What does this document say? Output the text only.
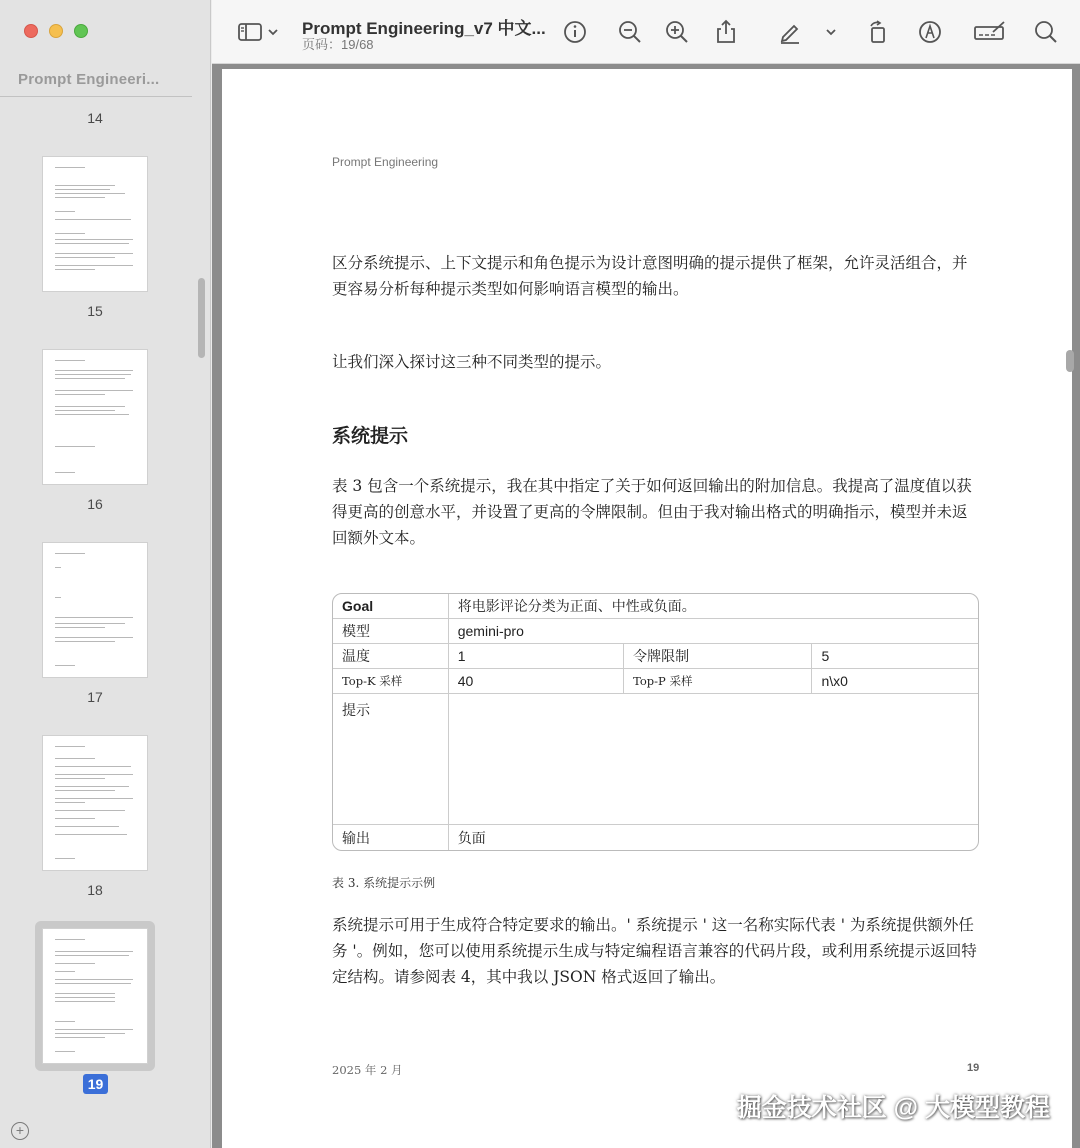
Prompt Engineeri...
14
15
16
17
18
19
+
Prompt Engineering_v7 中文...
页码：19/68
Prompt Engineering
区分系统提示、上下文提示和角色提示为设计意图明确的提示提供了框架，允许灵活组合，并更容易分析每种提示类型如何影响语言模型的输出。
让我们深入探讨这三种不同类型的提示。
系统提示
表 3 包含一个系统提示，我在其中指定了关于如何返回输出的附加信息。我提高了温度值以获得更高的创意水平，并设置了更高的令牌限制。但由于我对输出格式的明确指示，模型并未返回额外文本。
Goal	将电影评论分类为正面、中性或负面。		
模型	gemini-pro		
温度	1	令牌限制	5
Top-K 采样	40	Top-P 采样	n\x0
提示			
输出	负面		
表 3. 系统提示示例
系统提示可用于生成符合特定要求的输出。' 系统提示 ' 这一名称实际代表 ' 为系统提供额外任务 '。例如，您可以使用系统提示生成与特定编程语言兼容的代码片段，或利用系统提示返回特定结构。请参阅表 4，其中我以 JSON 格式返回了输出。
2025 年 2 月	19
掘金技术社区 @ 大模型教程
